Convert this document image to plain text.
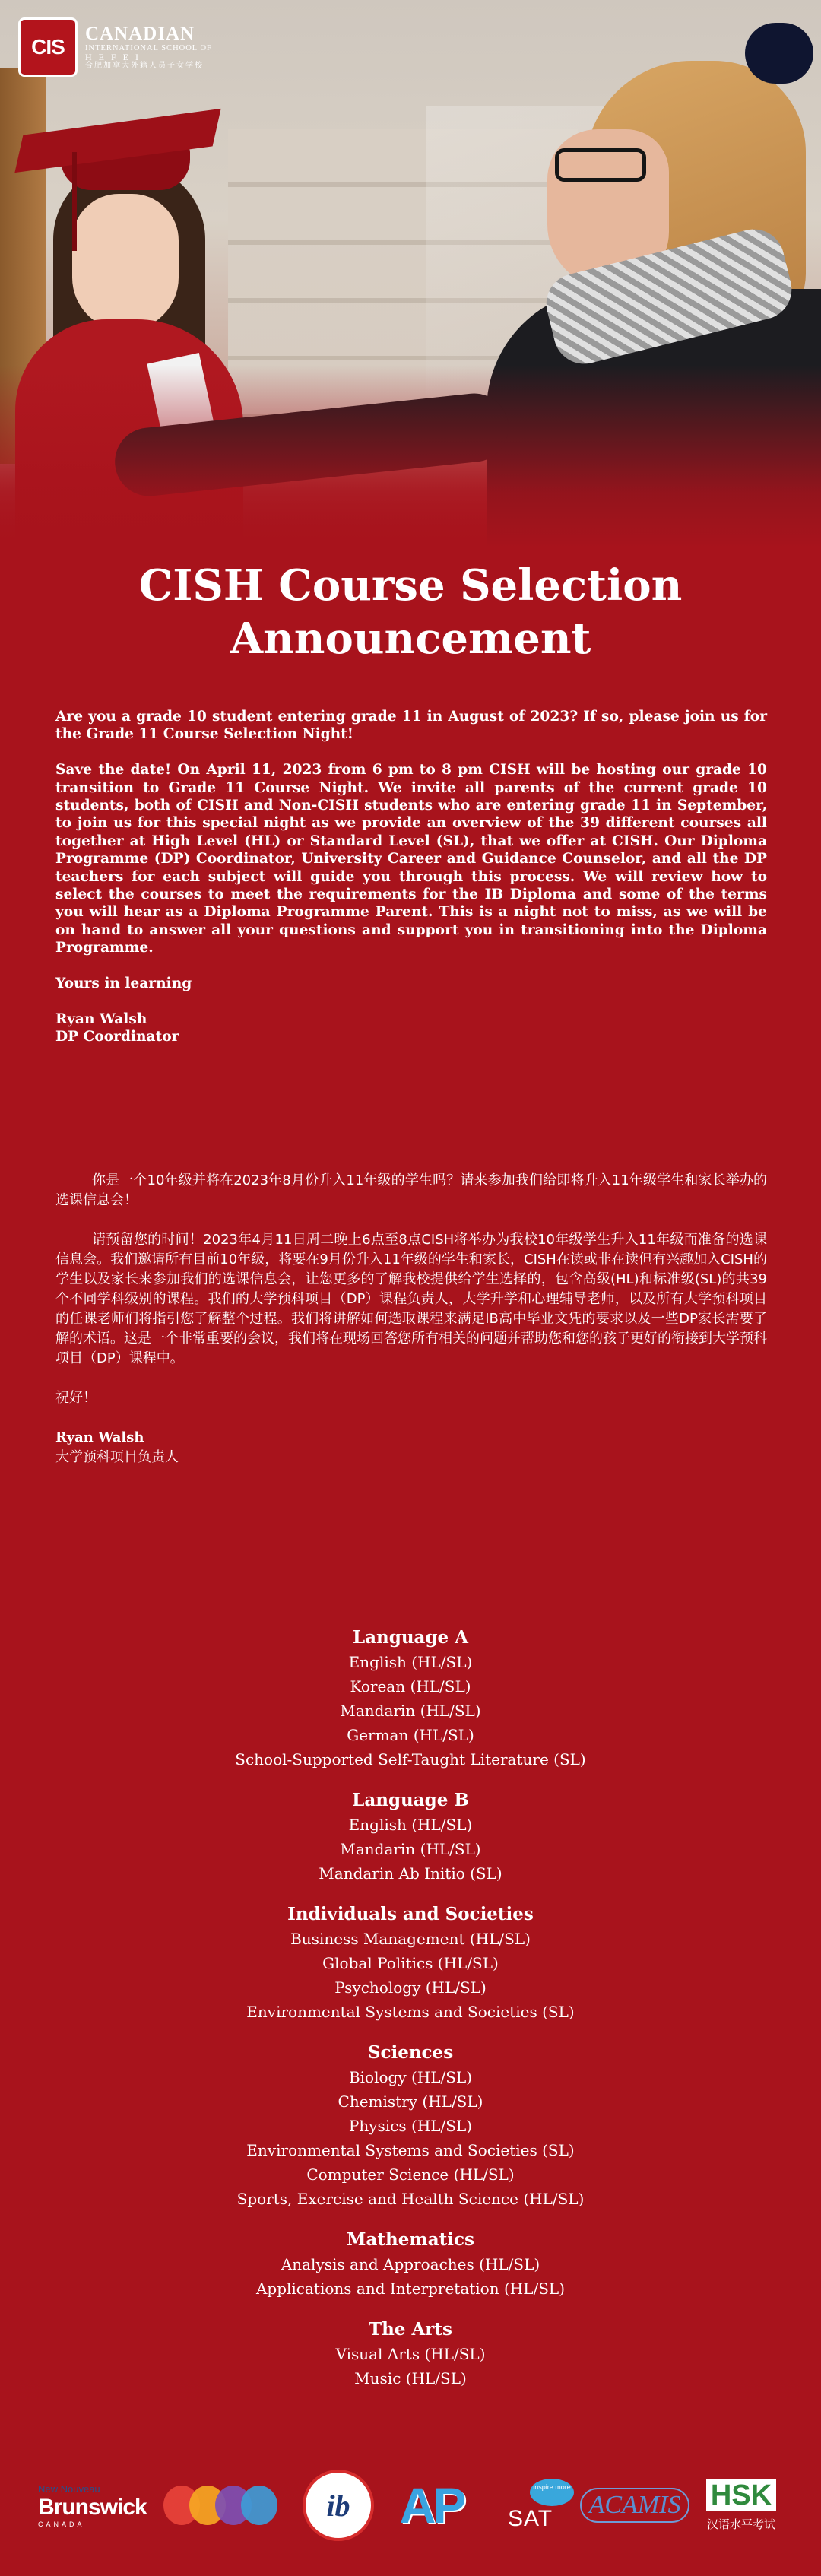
CIS
CANADIAN
INTERNATIONAL SCHOOL OF
HEFEI
合肥加拿大外籍人员子女学校
CISH Course Selection
Announcement

Are you a grade 10 student entering grade 11 in August of 2023? If so, please join us for the Grade 11 Course Selection Night!

Save the date! On April 11, 2023 from 6 pm to 8 pm CISH will be hosting our grade 10 transition to Grade 11 Course Night. We invite all parents of the current grade 10 students, both of CISH and Non-CISH students who are entering grade 11 in September, to join us for this special night as we provide an overview of the 39 different courses all together at High Level (HL) or Standard Level (SL), that we offer at CISH. Our Diploma Programme (DP) Coordinator, University Career and Guidance Counselor, and all the DP teachers for each subject will guide you through this process. We will review how to select the courses to meet the requirements for the IB Diploma and some of the terms you will hear as a Diploma Programme Parent. This is a night not to miss, as we will be on hand to answer all your questions and support you in transitioning into the Diploma Programme.

Yours in learning

Ryan Walsh
DP Coordinator

你是一个10年级并将在2023年8月份升入11年级的学生吗？请来参加我们给即将升入11年级学生和家长举办的选课信息会！

请预留您的时间！2023年4月11日周二晚上6点至8点CISH将举办为我校10年级学生升入11年级而准备的选课信息会。我们邀请所有目前10年级，将要在9月份升入11年级的学生和家长，CISH在读或非在读但有兴趣加入CISH的学生以及家长来参加我们的选课信息会，让您更多的了解我校提供给学生选择的，包含高级(HL)和标准级(SL)的共39个不同学科级别的课程。我们的大学预科项目（DP）课程负责人，大学升学和心理辅导老师，以及所有大学预科项目的任课老师们将指引您了解整个过程。我们将讲解如何选取课程来满足IB高中毕业文凭的要求以及一些DP家长需要了解的术语。这是一个非常重要的会议，我们将在现场回答您所有相关的问题并帮助您和您的孩子更好的衔接到大学预科项目（DP）课程中。

祝好！

Ryan Walsh
大学预科项目负责人
Language A
English (HL/SL)
Korean (HL/SL)
Mandarin (HL/SL)
German (HL/SL)
School-Supported Self-Taught Literature (SL)
Language B
English (HL/SL)
Mandarin (HL/SL)
Mandarin Ab Initio (SL)
Individuals and Societies
Business Management (HL/SL)
Global Politics (HL/SL)
Psychology (HL/SL)
Environmental Systems and Societies (SL)
Sciences
Biology (HL/SL)
Chemistry (HL/SL)
Physics (HL/SL)
Environmental Systems and Societies (SL)
Computer Science (HL/SL)
Sports, Exercise and Health Science (HL/SL)
Mathematics
Analysis and Approaches (HL/SL)
Applications and Interpretation (HL/SL)
The Arts
Visual Arts (HL/SL)
Music (HL/SL)
New Nouveau
Brunswick
CANADA
ib AP	inspire more
SAT	ACAMIS	HSK
汉语水平考试
